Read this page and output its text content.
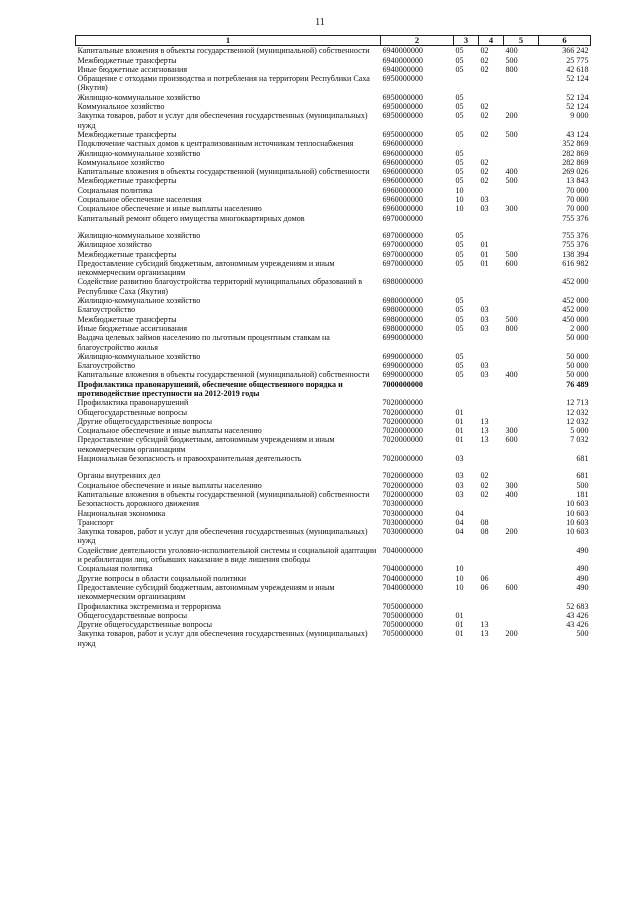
11
1	2	3	4	5	6
Капитальные вложения в объекты государственной (муниципальной) собственности	6940000000	05	02	400	366 242
Межбюджетные трансферты	6940000000	05	02	500	25 775
Иные бюджетные ассигнования	6940000000	05	02	800	42 618
Обращение с отходами производства и потребления на территории Республики Саха (Якутия)	6950000000				52 124
Жилищно-коммунальное хозяйство	6950000000	05			52 124
Коммунальное хозяйство	6950000000	05	02		52 124
Закупка товаров, работ и услуг для обеспечения государственных (муниципальных) нужд	6950000000	05	02	200	9 000
Межбюджетные трансферты	6950000000	05	02	500	43 124
Подключение частных домов к централизованным источникам теплоснабжения	6960000000				352 869
Жилищно-коммунальное хозяйство	6960000000	05			282 869
Коммунальное хозяйство	6960000000	05	02		282 869
Капитальные вложения в объекты государственной (муниципальной) собственности	6960000000	05	02	400	269 026
Межбюджетные трансферты	6960000000	05	02	500	13 843
Социальная политика	6960000000	10			70 000
Социальное обеспечение населения	6960000000	10	03		70 000
Социальное обеспечение и иные выплаты населению	6960000000	10	03	300	70 000
Капитальный ремонт общего имущества многоквартирных домов	6970000000				755 376

Жилищно-коммунальное хозяйство	6970000000	05			755 376
Жилищное хозяйство	6970000000	05	01		755 376
Межбюджетные трансферты	6970000000	05	01	500	138 394
Предоставление субсидий бюджетным, автономным учреждениям и иным некоммерческим организациям	6970000000	05	01	600	616 982
Содействие развитию благоустройства территорий муниципальных образований в Республике Саха (Якутия)	6980000000				452 000
Жилищно-коммунальное хозяйство	6980000000	05			452 000
Благоустройство	6980000000	05	03		452 000
Межбюджетные трансферты	6980000000	05	03	500	450 000
Иные бюджетные ассигнования	6980000000	05	03	800	2 000
Выдача целевых займов населению по льготным процентным ставкам на благоустройство жилья	6990000000				50 000
Жилищно-коммунальное хозяйство	6990000000	05			50 000
Благоустройство	6990000000	05	03		50 000
Капитальные вложения в объекты государственной (муниципальной) собственности	6990000000	05	03	400	50 000
Профилактика правонарушений, обеспечение общественного порядка и противодействие преступности на 2012-2019 годы	7000000000				76 489
Профилактика правонарушений	7020000000				12 713
Общегосударственные вопросы	7020000000	01			12 032
Другие общегосударственные вопросы	7020000000	01	13		12 032
Социальное обеспечение и иные выплаты населению	7020000000	01	13	300	5 000
Предоставление субсидий бюджетным, автономным учреждениям и иным некоммерческим организациям	7020000000	01	13	600	7 032
Национальная безопасность и правоохранительная деятельность	7020000000	03			681

Органы внутренних дел	7020000000	03	02		681
Социальное обеспечение и иные выплаты населению	7020000000	03	02	300	500
Капитальные вложения в объекты государственной (муниципальной) собственности	7020000000	03	02	400	181
Безопасность дорожного движения	7030000000				10 603
Национальная экономика	7030000000	04			10 603
Транспорт	7030000000	04	08		10 603
Закупка товаров, работ и услуг для обеспечения государственных (муниципальных) нужд	7030000000	04	08	200	10 603
Содействие деятельности уголовно-исполнительной системы и социальной адаптации и реабилитации лиц, отбывших наказание в виде лишения свободы	7040000000				490
Социальная политика	7040000000	10			490
Другие вопросы в области социальной политики	7040000000	10	06		490
Предоставление субсидий бюджетным, автономным учреждениям и иным некоммерческим организациям	7040000000	10	06	600	490
Профилактика экстремизма и терроризма	7050000000				52 683
Общегосударственные вопросы	7050000000	01			43 426
Другие общегосударственные вопросы	7050000000	01	13		43 426
Закупка товаров, работ и услуг для обеспечения государственных (муниципальных) нужд	7050000000	01	13	200	500
